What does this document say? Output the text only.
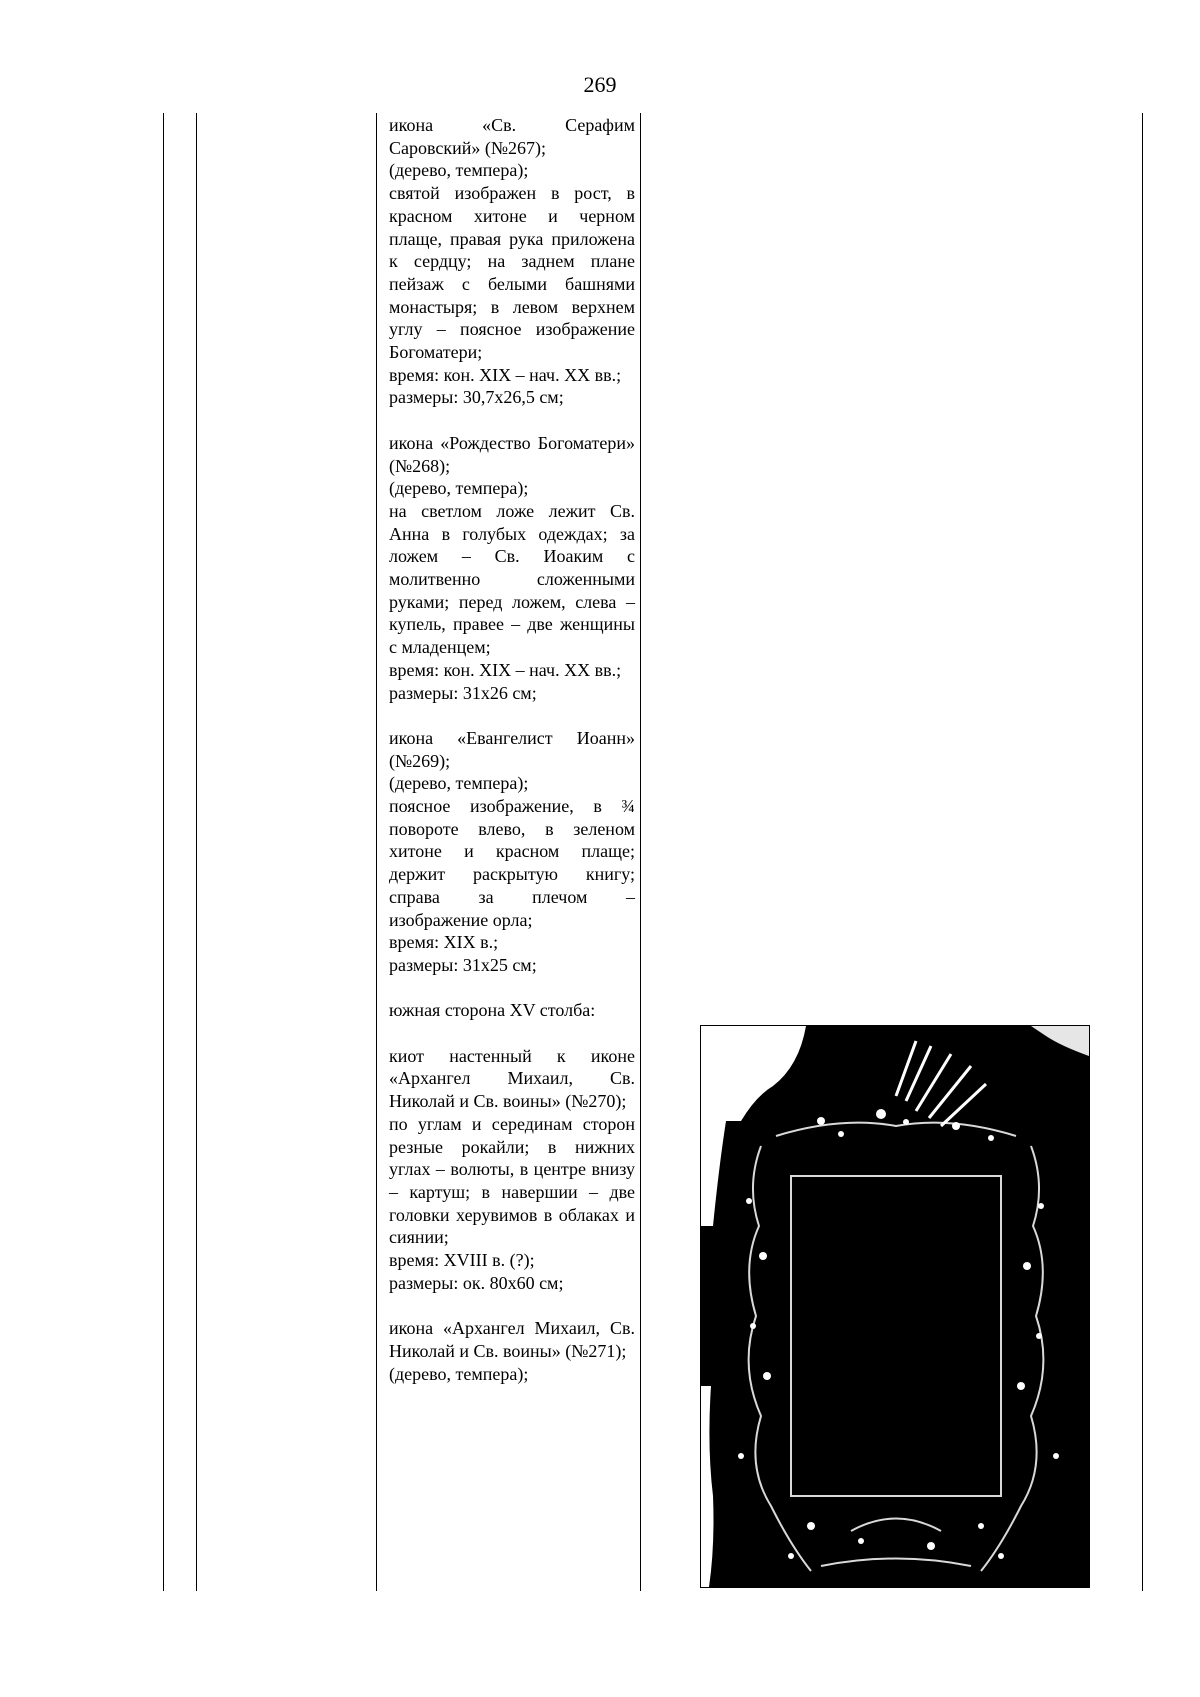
269

икона «Св. Серафим Саровский» (№267);

(дерево, темпера);

святой изображен в рост, в красном хитоне и черном плаще, правая рука приложена к сердцу; на заднем плане пейзаж с белыми башнями монастыря; в левом верхнем углу – поясное изображение Богоматери;

время: кон. XIX – нач. XX вв.;

размеры: 30,7х26,5 см;

икона «Рождество Богоматери» (№268);

(дерево, темпера);

на светлом ложе лежит Св. Анна в голубых одеждах; за ложем – Св. Иоаким с молитвенно сложенными руками; перед ложем, слева – купель, правее – две женщины с младенцем;

время: кон. XIX – нач. XX вв.;

размеры: 31х26 см;

икона «Евангелист Иоанн» (№269);

(дерево, темпера);

поясное изображение, в ¾ повороте влево, в зеленом хитоне и красном плаще; держит раскрытую книгу; справа за плечом – изображение орла;

время: XIX в.;

размеры: 31х25 см;

южная сторона XV столба:

киот настенный к иконе «Архангел Михаил, Св. Николай и Св. воины» (№270);

по углам и серединам сторон резные рокайли; в нижних углах – волюты, в центре внизу – картуш; в навершии – две головки херувимов в облаках и сиянии;

время: XVIII в. (?);

размеры: ок. 80х60 см;

икона «Архангел Михаил, Св. Николай и Св. воины» (№271);

(дерево, темпера);
